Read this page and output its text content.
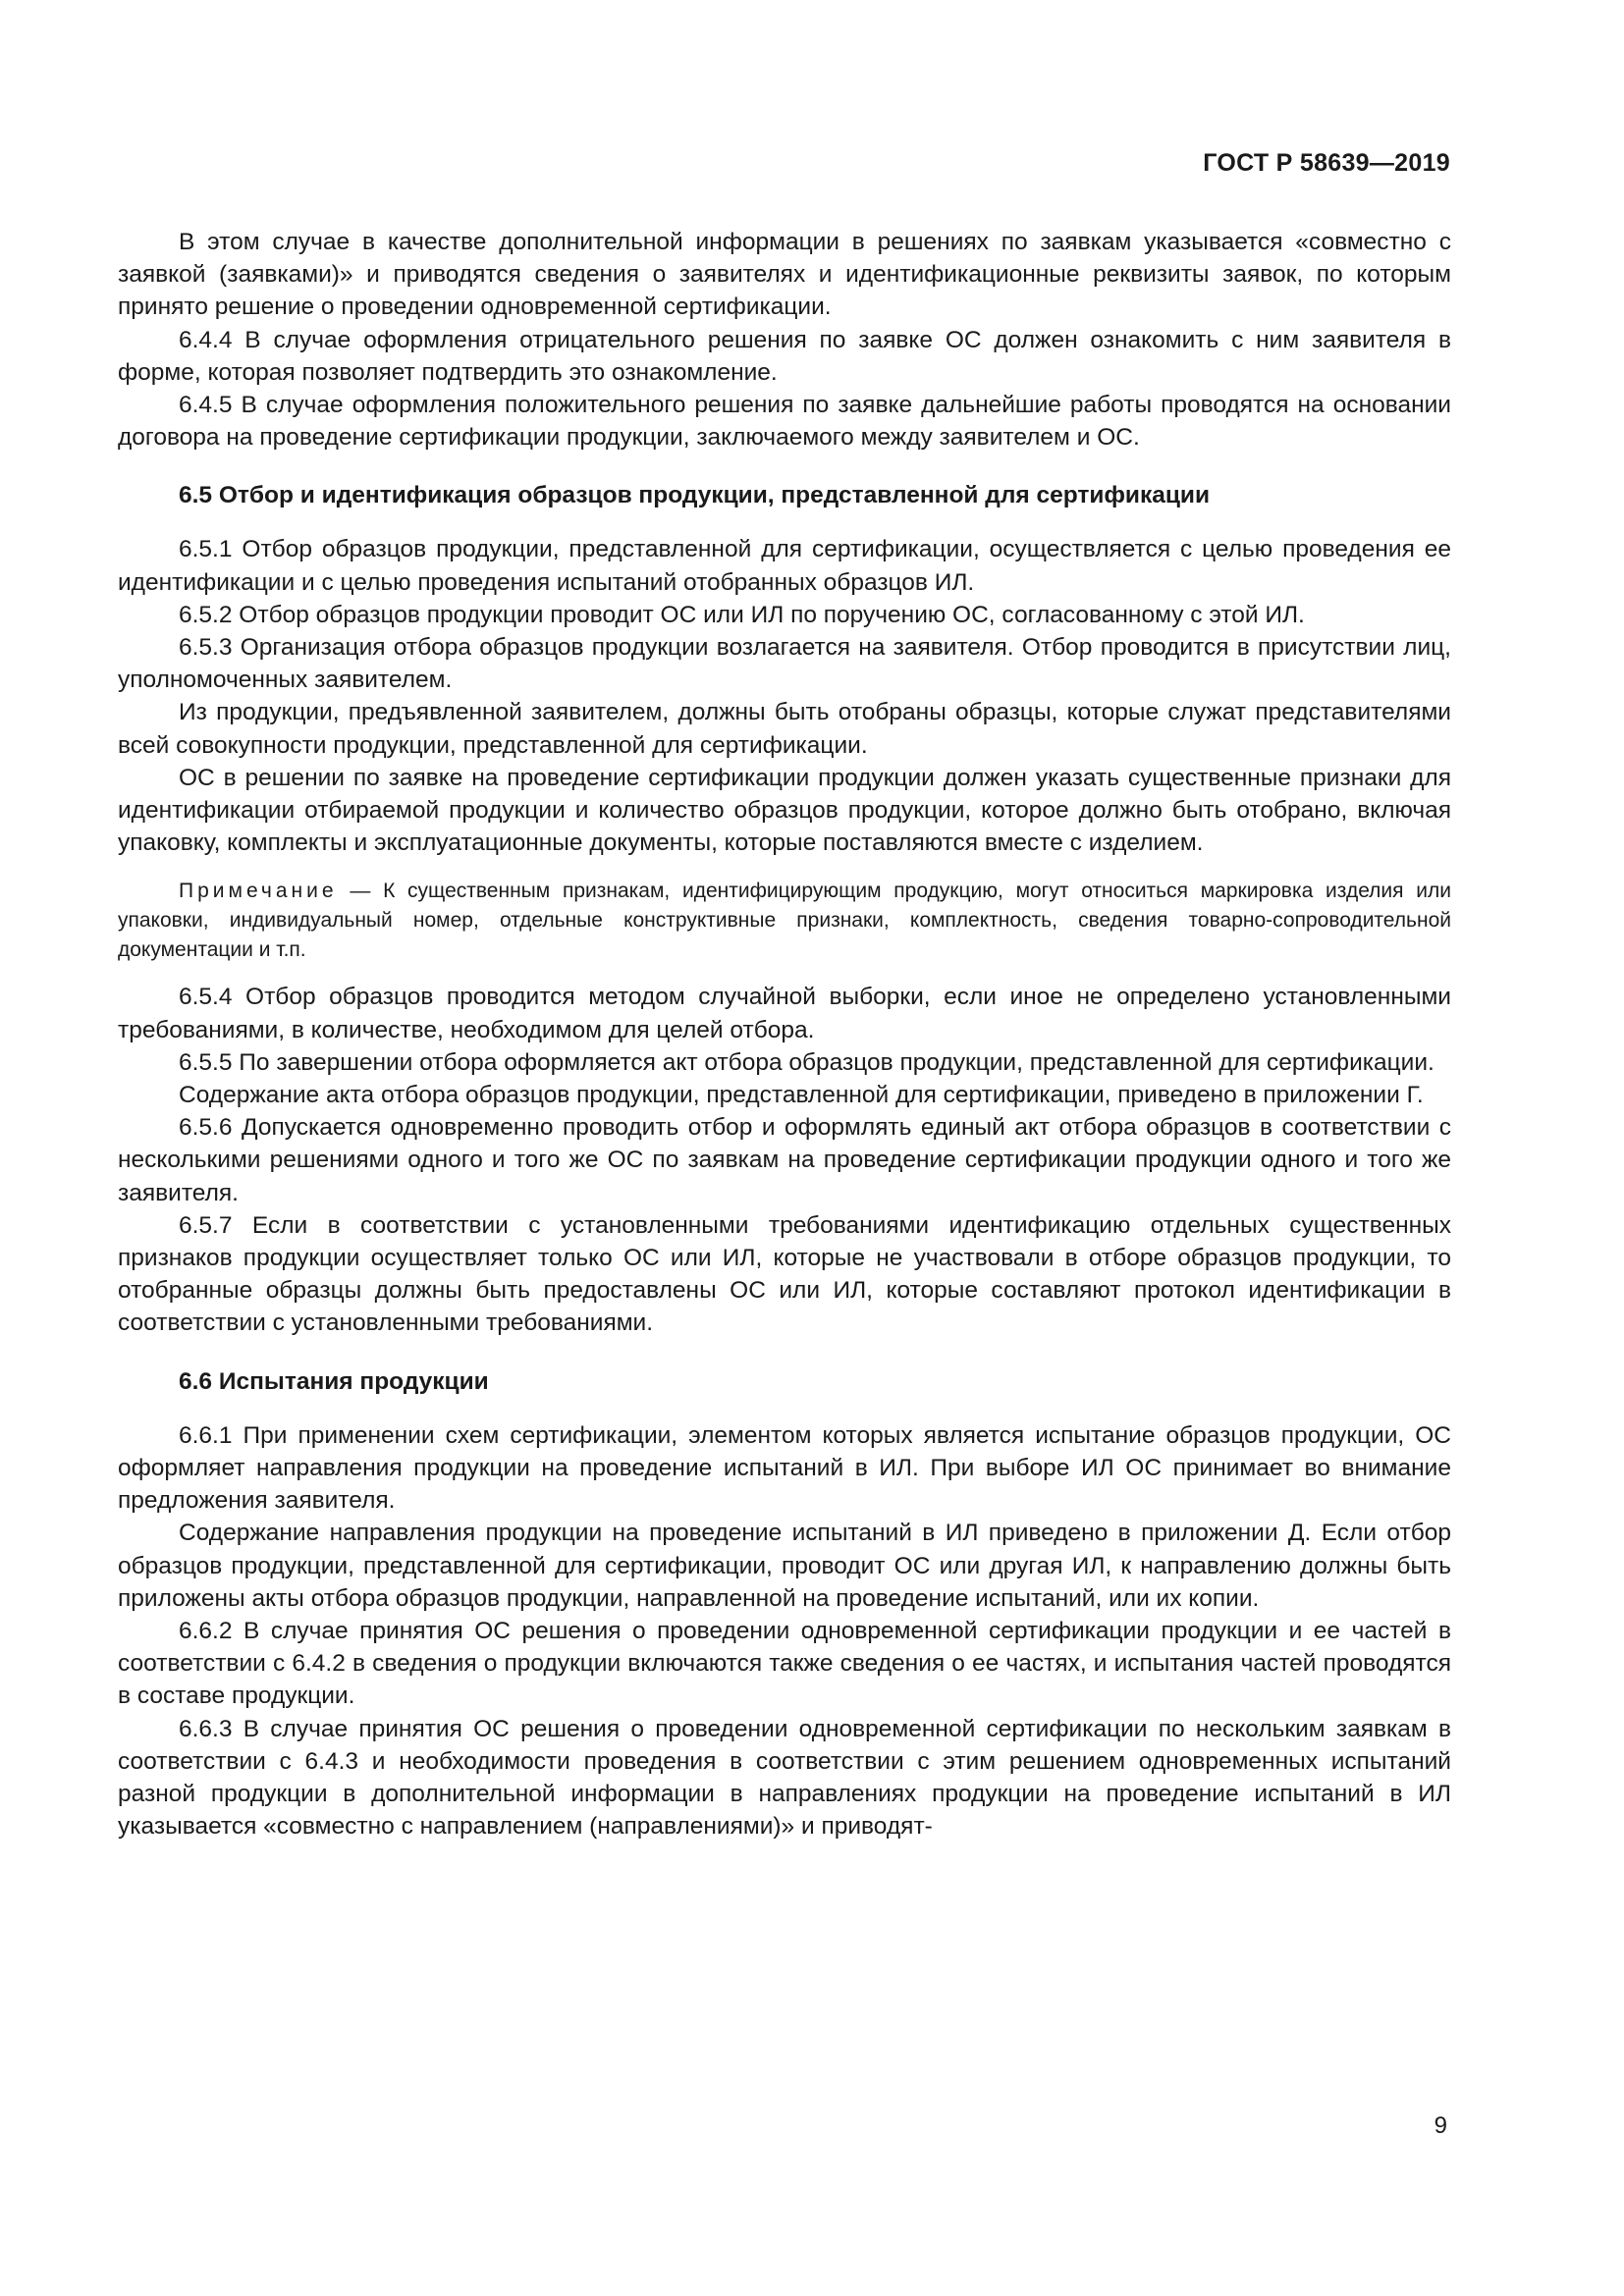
ГОСТ Р 58639—2019

В этом случае в качестве дополнительной информации в решениях по заявкам указывается «совместно с заявкой (заявками)» и приводятся сведения о заявителях и идентификационные реквизиты заявок, по которым принято решение о проведении одновременной сертификации.

6.4.4 В случае оформления отрицательного решения по заявке ОС должен ознакомить с ним заявителя в форме, которая позволяет подтвердить это ознакомление.

6.4.5 В случае оформления положительного решения по заявке дальнейшие работы проводятся на основании договора на проведение сертификации продукции, заключаемого между заявителем и ОС.

6.5 Отбор и идентификация образцов продукции, представленной для сертификации

6.5.1 Отбор образцов продукции, представленной для сертификации, осуществляется с целью проведения ее идентификации и с целью проведения испытаний отобранных образцов ИЛ.

6.5.2 Отбор образцов продукции проводит ОС или ИЛ по поручению ОС, согласованному с этой ИЛ.

6.5.3 Организация отбора образцов продукции возлагается на заявителя. Отбор проводится в присутствии лиц, уполномоченных заявителем.

Из продукции, предъявленной заявителем, должны быть отобраны образцы, которые служат представителями всей совокупности продукции, представленной для сертификации.

ОС в решении по заявке на проведение сертификации продукции должен указать существенные признаки для идентификации отбираемой продукции и количество образцов продукции, которое должно быть отобрано, включая упаковку, комплекты и эксплуатационные документы, которые поставляются вместе с изделием.

Примечание — К существенным признакам, идентифицирующим продукцию, могут относиться маркировка изделия или упаковки, индивидуальный номер, отдельные конструктивные признаки, комплектность, сведения товарно-сопроводительной документации и т.п.

6.5.4 Отбор образцов проводится методом случайной выборки, если иное не определено установленными требованиями, в количестве, необходимом для целей отбора.

6.5.5 По завершении отбора оформляется акт отбора образцов продукции, представленной для сертификации.

Содержание акта отбора образцов продукции, представленной для сертификации, приведено в приложении Г.

6.5.6 Допускается одновременно проводить отбор и оформлять единый акт отбора образцов в соответствии с несколькими решениями одного и того же ОС по заявкам на проведение сертификации продукции одного и того же заявителя.

6.5.7 Если в соответствии с установленными требованиями идентификацию отдельных существенных признаков продукции осуществляет только ОС или ИЛ, которые не участвовали в отборе образцов продукции, то отобранные образцы должны быть предоставлены ОС или ИЛ, которые составляют протокол идентификации в соответствии с установленными требованиями.

6.6 Испытания продукции

6.6.1 При применении схем сертификации, элементом которых является испытание образцов продукции, ОС оформляет направления продукции на проведение испытаний в ИЛ. При выборе ИЛ ОС принимает во внимание предложения заявителя.

Содержание направления продукции на проведение испытаний в ИЛ приведено в приложении Д. Если отбор образцов продукции, представленной для сертификации, проводит ОС или другая ИЛ, к направлению должны быть приложены акты отбора образцов продукции, направленной на проведение испытаний, или их копии.

6.6.2 В случае принятия ОС решения о проведении одновременной сертификации продукции и ее частей в соответствии с 6.4.2 в сведения о продукции включаются также сведения о ее частях, и испытания частей проводятся в составе продукции.

6.6.3 В случае принятия ОС решения о проведении одновременной сертификации по нескольким заявкам в соответствии с 6.4.3 и необходимости проведения в соответствии с этим решением одновременных испытаний разной продукции в дополнительной информации в направлениях продукции на проведение испытаний в ИЛ указывается «совместно с направлением (направлениями)» и приводят-

9
